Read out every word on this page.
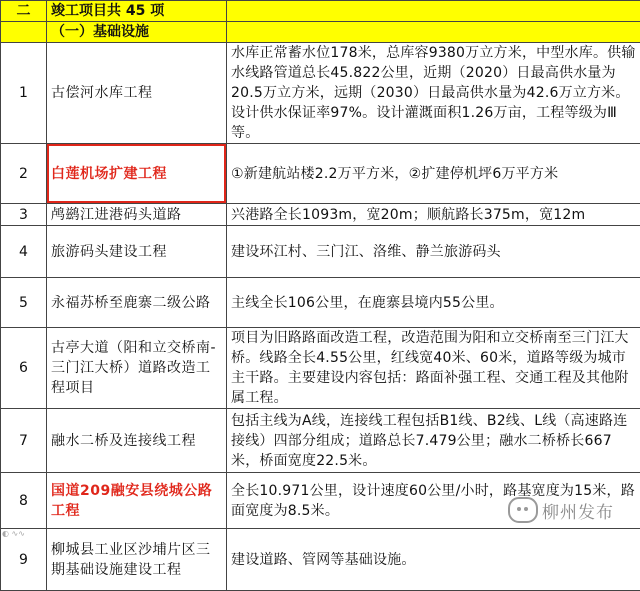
二	竣工项目共 45 项	
	（一）基础设施	
1	古偿河水库工程	水库正常蓄水位178米，总库容9380万立方米，中型水库。供输水线路管道总长45.822公里，近期（2020）日最高供水量为20.5万立方米，远期（2030）日最高供水量为42.6万立方米。设计供水保证率97%。设计灌溉面积1.26万亩，工程等级为Ⅲ等。
2	白莲机场扩建工程	①新建航站楼2.2万平方米，②扩建停机坪6万平方米
3	鸬鹚江进港码头道路	兴港路全长1093m，宽20m；顺航路长375m，宽12m
4	旅游码头建设工程	建设环江村、三门江、洛维、静兰旅游码头
5	永福苏桥至鹿寨二级公路	主线全长106公里，在鹿寨县境内55公里。
6	古亭大道（阳和立交桥南-三门江大桥）道路改造工程项目	项目为旧路路面改造工程，改造范围为阳和立交桥南至三门江大桥。线路全长4.55公里，红线宽40米、60米，道路等级为城市主干路。主要建设内容包括：路面补强工程、交通工程及其他附属工程。
7	融水二桥及连接线工程	包括主线为A线，连接线工程包括B1线、B2线、L线（高速路连接线）四部分组成；道路总长7.479公里；融水二桥桥长667米，桥面宽度22.5米。
8	国道209融安县绕城公路工程	全长10.971公里，设计速度60公里/小时，路基宽度为15米，路面宽度为8.5米。
9	柳城县工业区沙埔片区三期基础设施建设工程	建设道路、管网等基础设施。
柳州发布
◐ ∿∿
